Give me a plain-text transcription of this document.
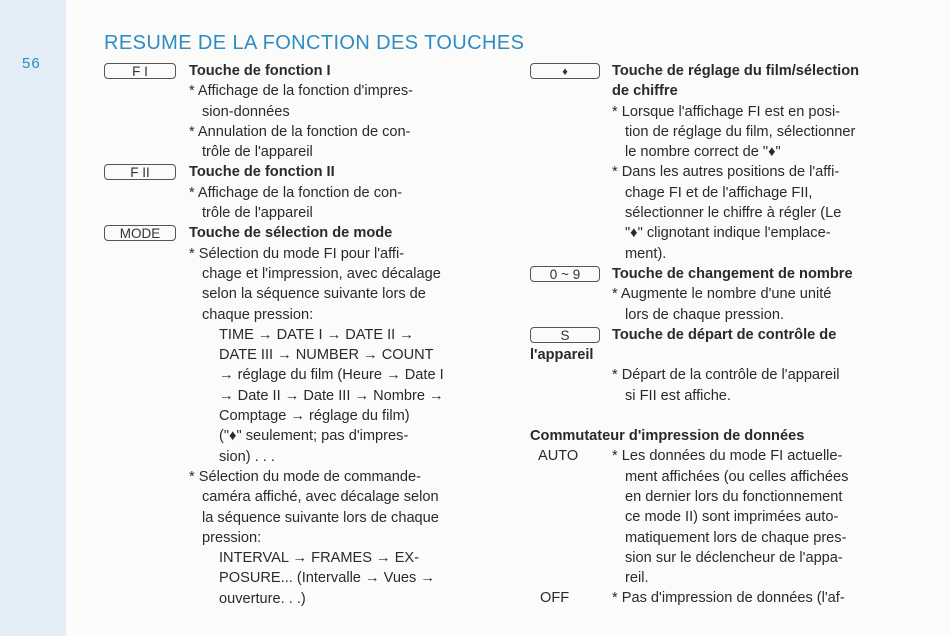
56
RESUME DE LA FONCTION DES TOUCHES
F I	Touche de fonction I
* Affichage de la fonction d'impres-
sion-données
* Annulation de la fonction de con-
trôle de l'appareil
F II	Touche de fonction II
* Affichage de la fonction de con-
trôle de l'appareil
MODE	Touche de sélection de mode
* Sélection du mode FI pour l'affi-
chage et l'impression, avec décalage
selon la séquence suivante lors de
chaque pression:
TIME → DATE I → DATE II →
DATE III → NUMBER → COUNT
→ réglage du film (Heure → Date I
→ Date II → Date III → Nombre →
Comptage → réglage du film)
("♦" seulement; pas d'impres-
sion) . . .
* Sélection du mode de commande-
caméra affiché, avec décalage selon
la séquence suivante lors de chaque
pression:
INTERVAL → FRAMES → EX-
POSURE... (Intervalle → Vues →
ouverture. . .)
♦	Touche de réglage du film/sélection
de chiffre
* Lorsque l'affichage FI est en posi-
tion de réglage du film, sélectionner
le nombre correct de "♦"
* Dans les autres positions de l'affi-
chage FI et de l'affichage FII,
sélectionner le chiffre à régler (Le
"♦" clignotant indique l'emplace-
ment).
0 ~ 9	Touche de changement de nombre
* Augmente le nombre d'une unité
lors de chaque pression.
S	Touche de départ de contrôle de
l'appareil
* Départ de la contrôle de l'appareil
si FII est affiche.
Commutateur d'impression de données
AUTO * Les données du mode FI actuelle-
ment affichées (ou celles affichées
en dernier lors du fonctionnement
ce mode II) sont imprimées auto-
matiquement lors de chaque pres-
sion sur le déclencheur de l'appa-
reil.
OFF	* Pas d'impression de données (l'af-
